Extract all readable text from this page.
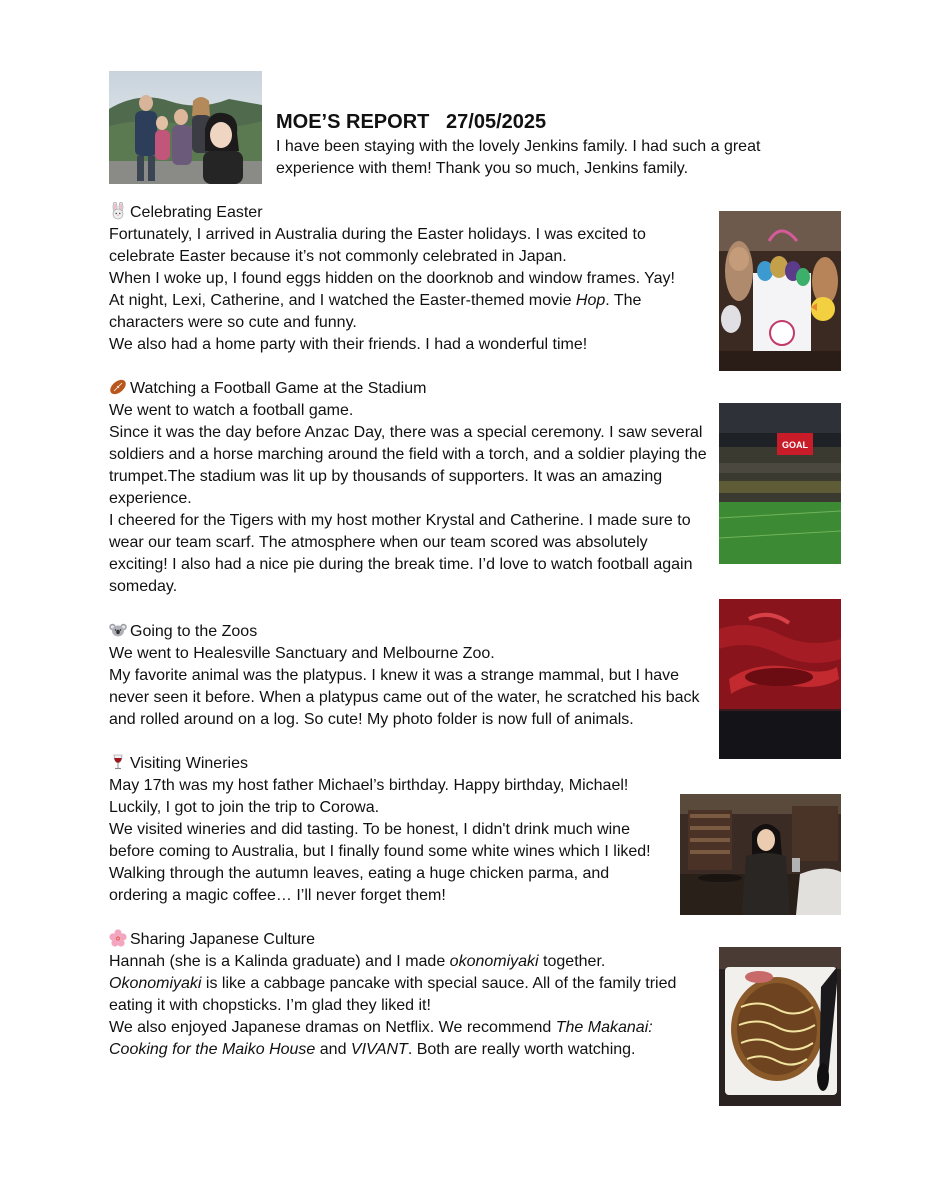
MOE’S REPORT   27/05/2025
I have been staying with the lovely Jenkins family. I had such a great experience with them! Thank you so much, Jenkins family.

Celebrating Easter

Fortunately, I arrived in Australia during the Easter holidays. I was excited to celebrate Easter because it’s not commonly celebrated in Japan.

When I woke up, I found eggs hidden on the doorknob and window frames. Yay!

At night, Lexi, Catherine, and I watched the Easter-themed movie Hop. The characters were so cute and funny.

We also had a home party with their friends. I had a wonderful time!

Watching a Football Game at the Stadium

We went to watch a football game.

Since it was the day before Anzac Day, there was a special ceremony. I saw several soldiers and a horse marching around the field with a torch, and a soldier playing the trumpet.The stadium was lit up by thousands of supporters. It was an amazing experience.

I cheered for the Tigers with my host mother Krystal and Catherine. I made sure to wear our team scarf. The atmosphere when our team scored was absolutely exciting! I also had a nice pie during the break time. I’d love to watch football again someday.

GOAL

Going to the Zoos

We went to Healesville Sanctuary and Melbourne Zoo.

My favorite animal was the platypus. I knew it was a strange mammal, but I have never seen it before. When a platypus came out of the water, he scratched his back and rolled around on a log. So cute! My photo folder is now full of animals.

Visiting Wineries

May 17th was my host father Michael’s birthday. Happy birthday, Michael!

Luckily, I got to join the trip to Corowa.

We visited wineries and did tasting. To be honest, I didn't drink much wine before coming to Australia, but I finally found some white wines which I liked! Walking through the autumn leaves, eating a huge chicken parma, and ordering a magic coffee… I’ll never forget them!

Sharing Japanese Culture

Hannah (she is a Kalinda graduate) and I made okonomiyaki together.

Okonomiyaki is like a cabbage pancake with special sauce. All of the family tried eating it with chopsticks. I’m glad they liked it!

We also enjoyed Japanese dramas on Netflix. We recommend The Makanai: Cooking for the Maiko House and VIVANT. Both are really worth watching.
